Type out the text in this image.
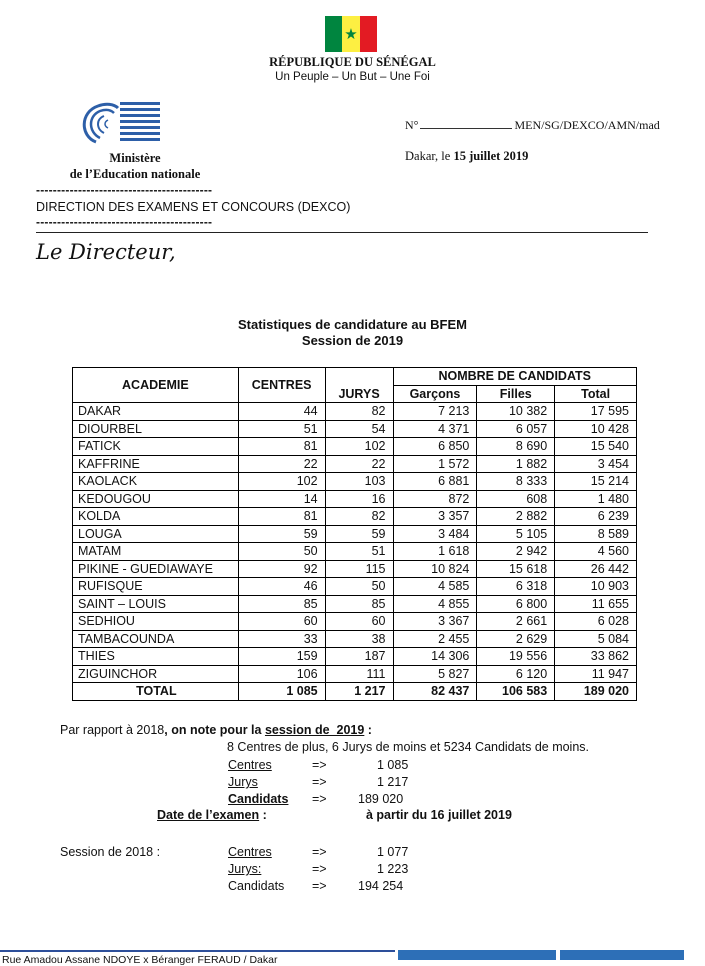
★
RÉPUBLIQUE DU SÉNÉGAL
Un Peuple – Un But – Une Foi
Ministère
de l’Education nationale
N°	MEN/SG/DEXCO/AMN/mad
Dakar, le 15 juillet 2019
------------------------------------------
DIRECTION DES EXAMENS ET CONCOURS (DEXCO)
------------------------------------------
Le Directeur,
Statistiques de candidature au BFEM
Session de 2019
ACADEMIE	CENTRES	JURYS	NOMBRE DE CANDIDATS		
			Garçons	Filles	Total
DAKAR	44	82	7 213	10 382	17 595
DIOURBEL	51	54	4 371	6 057	10 428
FATICK	81	102	6 850	8 690	15 540
KAFFRINE	22	22	1 572	1 882	3 454
KAOLACK	102	103	6 881	8 333	15 214
KEDOUGOU	14	16	872	608	1 480
KOLDA	81	82	3 357	2 882	6 239
LOUGA	59	59	3 484	5 105	8 589
MATAM	50	51	1 618	2 942	4 560
PIKINE - GUEDIAWAYE	92	115	10 824	15 618	26 442
RUFISQUE	46	50	4 585	6 318	10 903
SAINT – LOUIS	85	85	4 855	6 800	11 655
SEDHIOU	60	60	3 367	2 661	6 028
TAMBACOUNDA	33	38	2 455	2 629	5 084
THIES	159	187	14 306	19 556	33 862
ZIGUINCHOR	106	111	5 827	6 120	11 947
TOTAL	1 085	1 217	82 437	106 583	189 020
Par rapport à 2018, on note pour la session de  2019 :
8 Centres de plus, 6 Jurys de moins et 5234 Candidats de moins.
Centres	=>	1 085
Jurys	=>	1 217
Candidats =>	189 020
Date de l’examen :	à partir du 16 juillet 2019
Session de 2018 :	Centres	=>	1 077
Jurys:	=>	1 223
Candidats =>	194 254
Rue Amadou Assane NDOYE x Béranger FERAUD / Dakar
